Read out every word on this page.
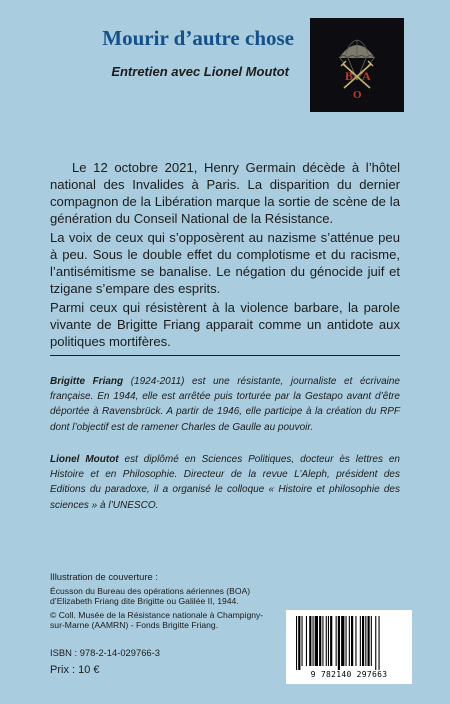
Mourir d’autre chose
Entretien avec Lionel Moutot	B A
O

Le 12 octobre 2021, Henry Germain décède à l’hôtel national des Invalides à Paris. La disparition du dernier compagnon de la Libération marque la sortie de scène de la génération du Conseil National de la Résistance.

La voix de ceux qui s’opposèrent au nazisme s’atténue peu à peu. Sous le double effet du complotisme et du racisme, l’antisémitisme se banalise. Le négation du génocide juif et tzigane s’empare des esprits.

Parmi ceux qui résistèrent à la violence barbare, la parole vivante de Brigitte Friang apparait comme un antidote aux politiques mortifères.

Brigitte Friang (1924-2011) est une résistante, journaliste et écrivaine française. En 1944, elle est arrêtée puis torturée par la Gestapo avant d’être déportée à Ravensbrück. A partir de 1946, elle participe à la création du RPF dont l’objectif est de ramener Charles de Gaulle au pouvoir.

Lionel Moutot est diplômé en Sciences Politiques, docteur ès lettres en Histoire et en Philosophie. Directeur de la revue L’Aleph, président des Editions du paradoxe, il a organisé le colloque « Histoire et philosophie des sciences » à l’UNESCO.

Illustration de couverture :

Écusson du Bureau des opérations aériennes (BOA) d’Elizabeth Friang dite Brigitte ou Galilée II, 1944.

© Coll. Musée de la Résistance nationale à Champigny-sur-Marne (AAMRN) - Fonds Brigitte Friang.

ISBN : 978-2-14-029766-3
Prix : 10 €	9 782140 297663
